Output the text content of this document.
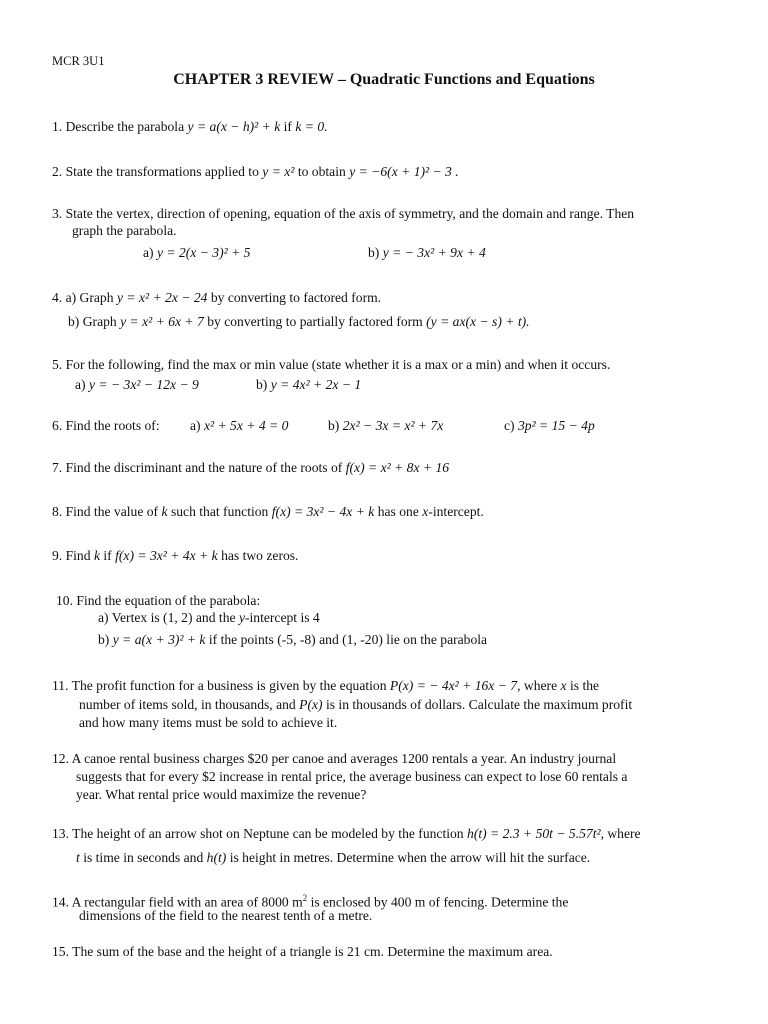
MCR 3U1
CHAPTER 3 REVIEW – Quadratic Functions and Equations
1. Describe the parabola y = a(x − h)² + k if k = 0.
2. State the transformations applied to y = x² to obtain y = −6(x + 1)² − 3 .
3. State the vertex, direction of opening, equation of the axis of symmetry, and the domain and range. Then
graph the parabola.
a) y = 2(x − 3)² + 5	b) y = − 3x² + 9x + 4
4. a) Graph y = x² + 2x − 24 by converting to factored form.
b) Graph y = x² + 6x + 7 by converting to partially factored form (y = ax(x − s) + t).
5. For the following, find the max or min value (state whether it is a max or a min) and when it occurs.
a) y = − 3x² − 12x − 9	b) y = 4x² + 2x − 1
6. Find the roots of: a) x² + 5x + 4 = 0	b) 2x² − 3x = x² + 7x	c) 3p² = 15 − 4p
7. Find the discriminant and the nature of the roots of f(x) = x² + 8x + 16
8. Find the value of k such that function f(x) = 3x² − 4x + k has one x-intercept.
9. Find k if f(x) = 3x² + 4x + k has two zeros.
10. Find the equation of the parabola:
a) Vertex is (1, 2) and the y-intercept is 4
b) y = a(x + 3)² + k if the points (-5, -8) and (1, -20) lie on the parabola
11. The profit function for a business is given by the equation P(x) = − 4x² + 16x − 7, where x is the
number of items sold, in thousands, and P(x) is in thousands of dollars. Calculate the maximum profit
and how many items must be sold to achieve it.
12. A canoe rental business charges $20 per canoe and averages 1200 rentals a year. An industry journal
suggests that for every $2 increase in rental price, the average business can expect to lose 60 rentals a
year. What rental price would maximize the revenue?
13. The height of an arrow shot on Neptune can be modeled by the function h(t) = 2.3 + 50t − 5.57t², where
t is time in seconds and h(t) is height in metres. Determine when the arrow will hit the surface.
14. A rectangular field with an area of 8000 $m^2$ is enclosed by 400 m of fencing. Determine the
dimensions of the field to the nearest tenth of a metre.
15. The sum of the base and the height of a triangle is 21 cm. Determine the maximum area.
